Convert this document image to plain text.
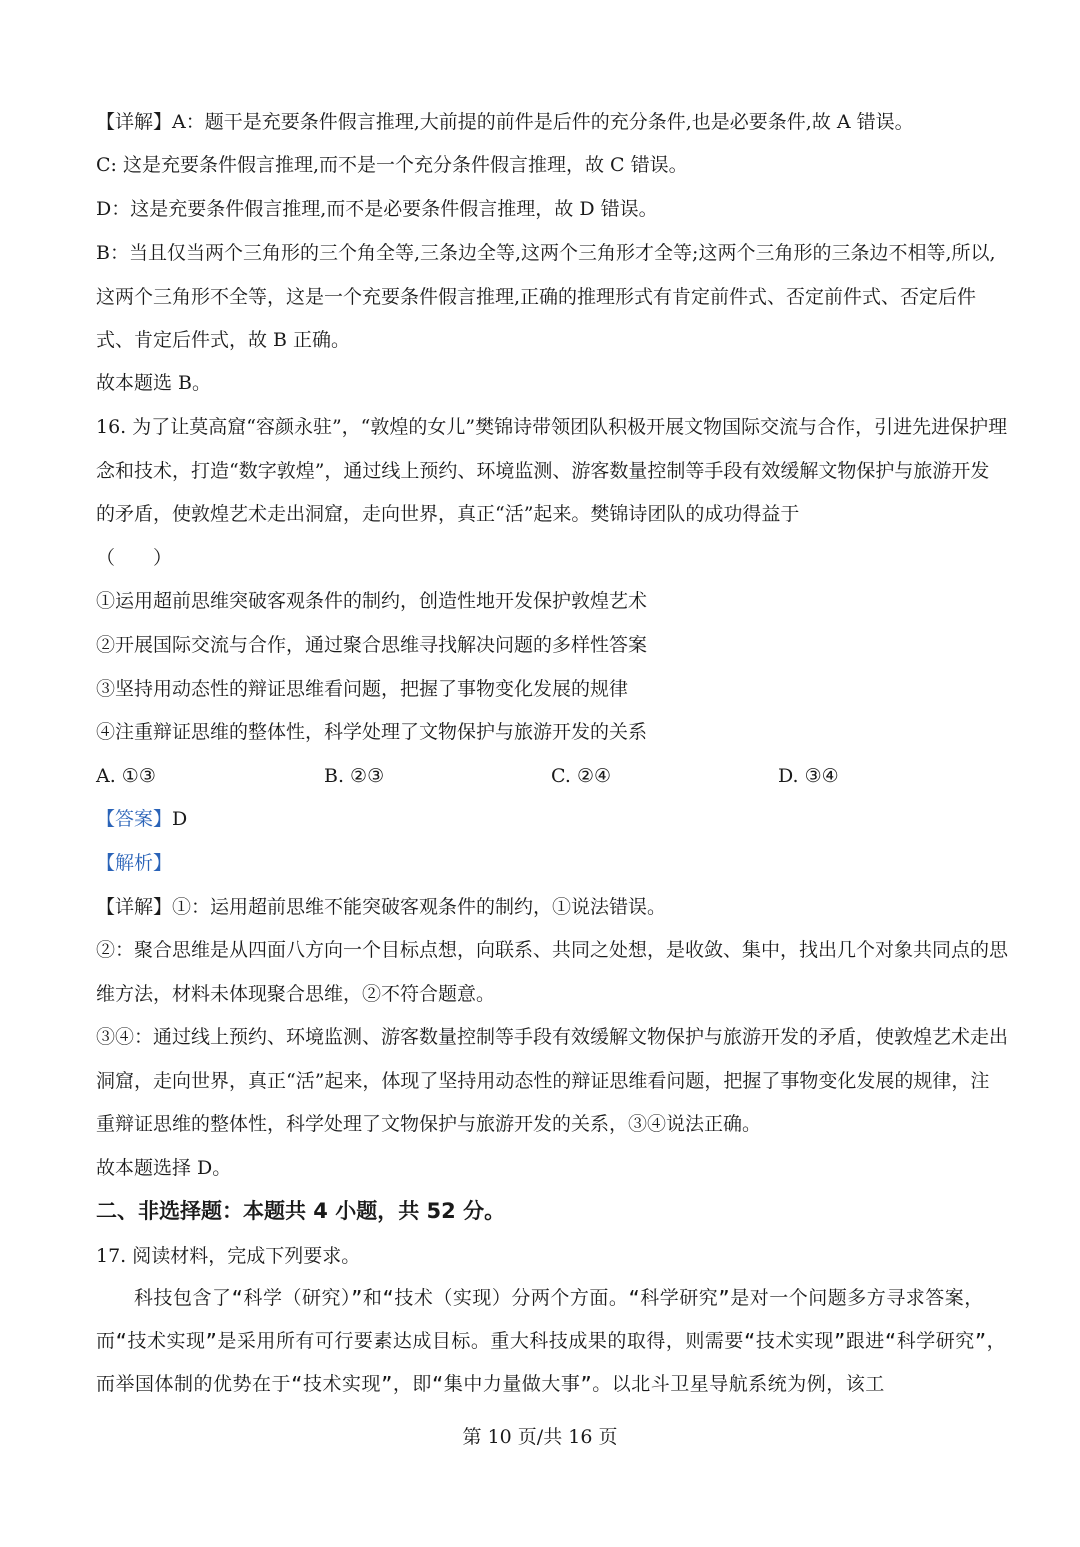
【详解】A：题干是充要条件假言推理,大前提的前件是后件的充分条件,也是必要条件,故 A 错误。
C: 这是充要条件假言推理,而不是一个充分条件假言推理，故 C 错误。
D：这是充要条件假言推理,而不是必要条件假言推理，故 D 错误。
B：当且仅当两个三角形的三个角全等,三条边全等,这两个三角形才全等;这两个三角形的三条边不相等,所以,这两个三角形不全等，这是一个充要条件假言推理,正确的推理形式有肯定前件式、否定前件式、否定后件式、肯定后件式，故 B 正确。
故本题选 B。
16. 为了让莫高窟“容颜永驻”，“敦煌的女儿”樊锦诗带领团队积极开展文物国际交流与合作，引进先进保护理念和技术，打造“数字敦煌”，通过线上预约、环境监测、游客数量控制等手段有效缓解文物保护与旅游开发的矛盾，使敦煌艺术走出洞窟，走向世界，真正“活”起来。樊锦诗团队的成功得益于
（　　）
①运用超前思维突破客观条件的制约，创造性地开发保护敦煌艺术
②开展国际交流与合作，通过聚合思维寻找解决问题的多样性答案
③坚持用动态性的辩证思维看问题，把握了事物变化发展的规律
④注重辩证思维的整体性，科学处理了文物保护与旅游开发的关系
A. ①③	B. ②③	C. ②④	D. ③④
【答案】D
【解析】
【详解】①：运用超前思维不能突破客观条件的制约，①说法错误。
②：聚合思维是从四面八方向一个目标点想，向联系、共同之处想，是收敛、集中，找出几个对象共同点的思维方法，材料未体现聚合思维，②不符合题意。
③④：通过线上预约、环境监测、游客数量控制等手段有效缓解文物保护与旅游开发的矛盾，使敦煌艺术走出洞窟，走向世界，真正“活”起来，体现了坚持用动态性的辩证思维看问题，把握了事物变化发展的规律，注重辩证思维的整体性，科学处理了文物保护与旅游开发的关系，③④说法正确。
故本题选择 D。
二、非选择题：本题共 4 小题，共 52 分。
17. 阅读材料，完成下列要求。
科技包含了“科学（研究）”和“技术（实现）分两个方面。“科学研究”是对一个问题多方寻求答案，而“技术实现”是采用所有可行要素达成目标。重大科技成果的取得，则需要“技术实现”跟进“科学研究”，而举国体制的优势在于“技术实现”，即“集中力量做大事”。以北斗卫星导航系统为例，该工
第 10 页/共 16 页
